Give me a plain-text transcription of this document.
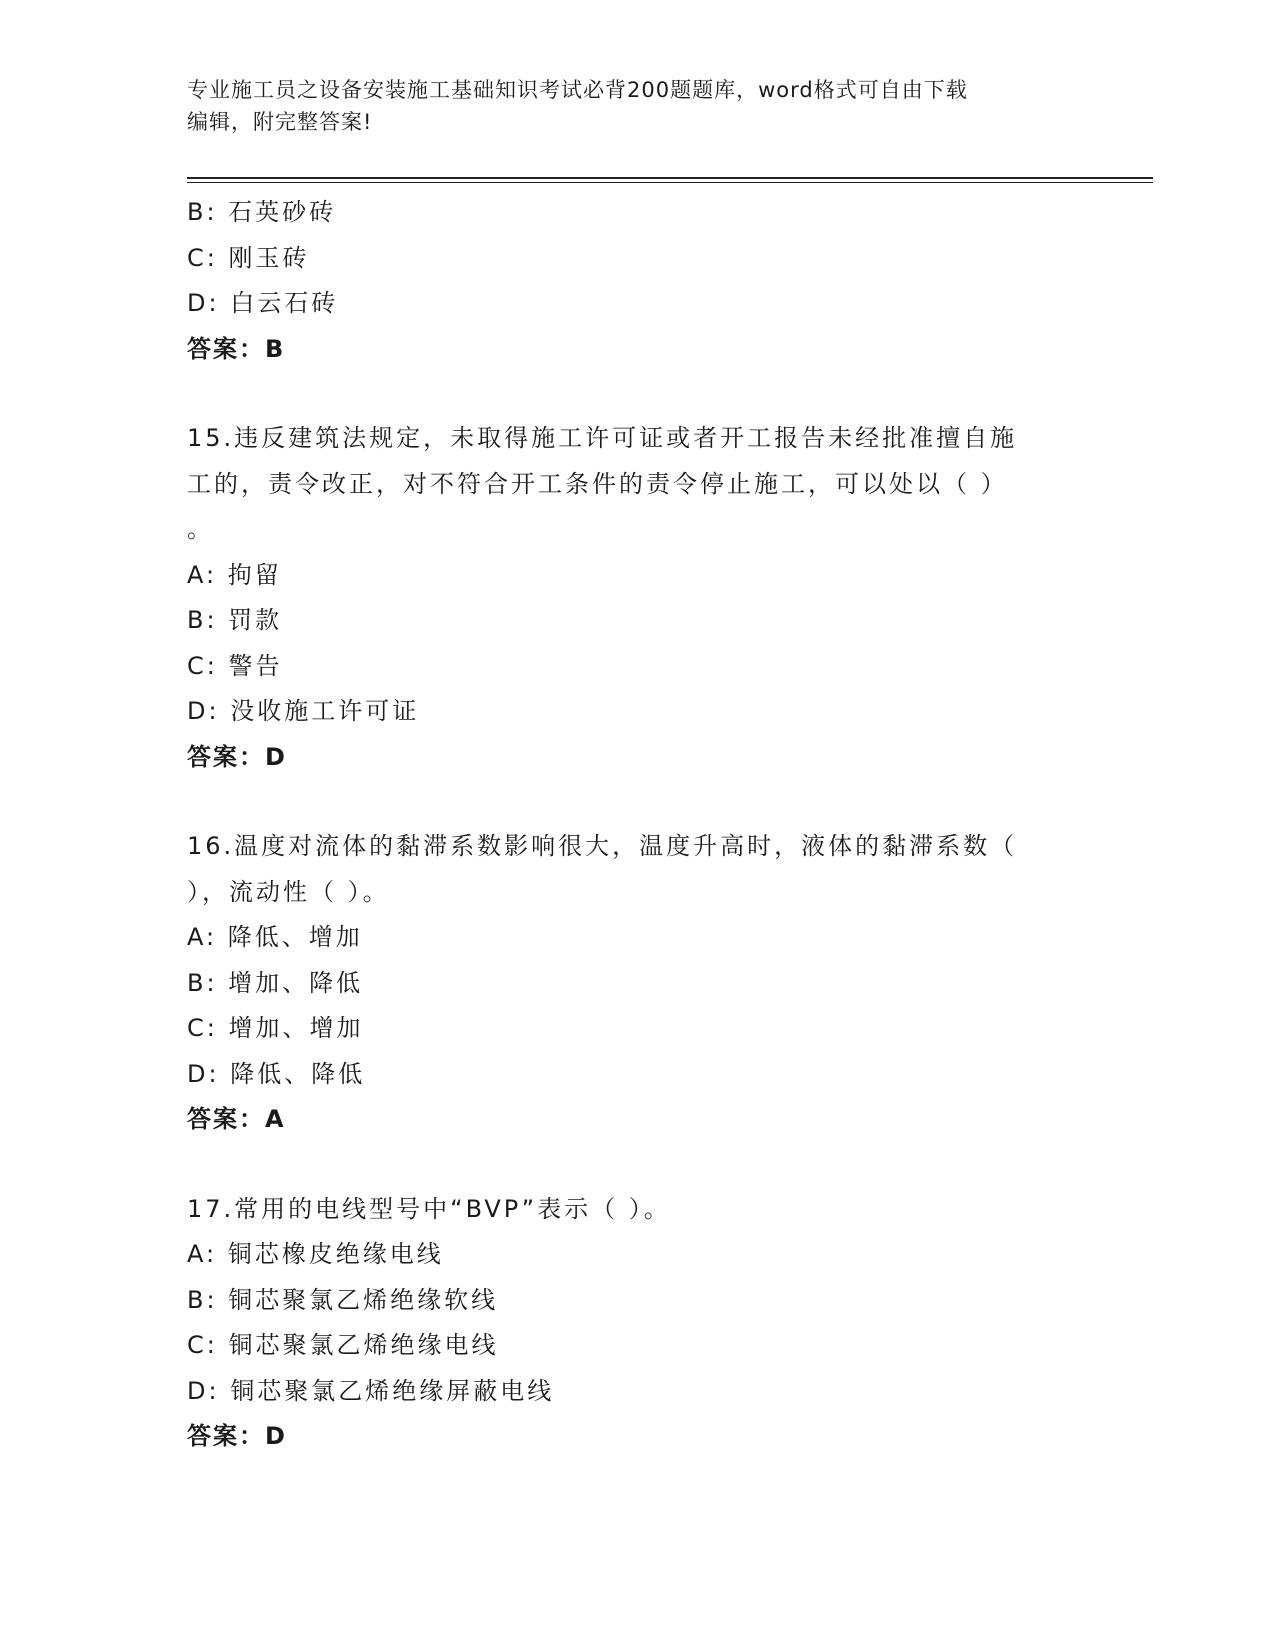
专业施工员之设备安装施工基础知识考试必背200题题库，word格式可自由下载
编辑，附完整答案!
B: 石英砂砖
C: 刚玉砖
D: 白云石砖
答案：B
15.违反建筑法规定，未取得施工许可证或者开工报告未经批准擅自施
工的，责令改正，对不符合开工条件的责令停止施工，可以处以（ ）
。
A: 拘留
B: 罚款
C: 警告
D: 没收施工许可证
答案：D
16.温度对流体的黏滞系数影响很大，温度升高时，液体的黏滞系数（
），流动性（ ）。
A: 降低、增加
B: 增加、降低
C: 增加、增加
D: 降低、降低
答案：A
17.常用的电线型号中“BVP”表示（ ）。
A: 铜芯橡皮绝缘电线
B: 铜芯聚氯乙烯绝缘软线
C: 铜芯聚氯乙烯绝缘电线
D: 铜芯聚氯乙烯绝缘屏蔽电线
答案：D
